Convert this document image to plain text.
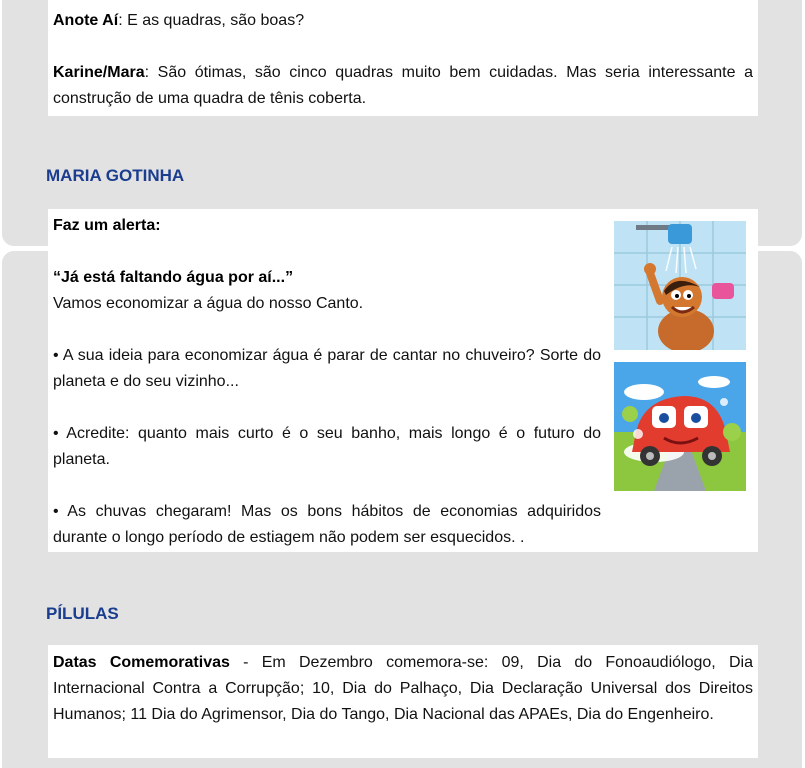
Anote Aí: E as quadras, são boas?

Karine/Mara: São ótimas, são cinco quadras muito bem cuidadas. Mas seria interessante a construção de uma quadra de tênis coberta.

MARIA GOTINHA

Faz um alerta:

“Já está faltando água por aí...”

Vamos economizar a água do nosso Canto.

• A sua ideia para economizar água é parar de cantar no chuveiro? Sorte do planeta e do seu vizinho...

• Acredite: quanto mais curto é o seu banho, mais longo é o futuro do planeta.

• As chuvas chegaram! Mas os bons hábitos de economias adquiridos durante o longo período de estiagem não podem ser esquecidos. .

PÍLULAS

Datas Comemorativas - Em Dezembro comemora-se: 09, Dia do Fonoaudiólogo, Dia Internacional Contra a Corrupção; 10, Dia do Palhaço, Dia Declaração Universal dos Direitos Humanos; 11 Dia do Agrimensor, Dia do Tango, Dia Nacional das APAEs, Dia do Engenheiro.
